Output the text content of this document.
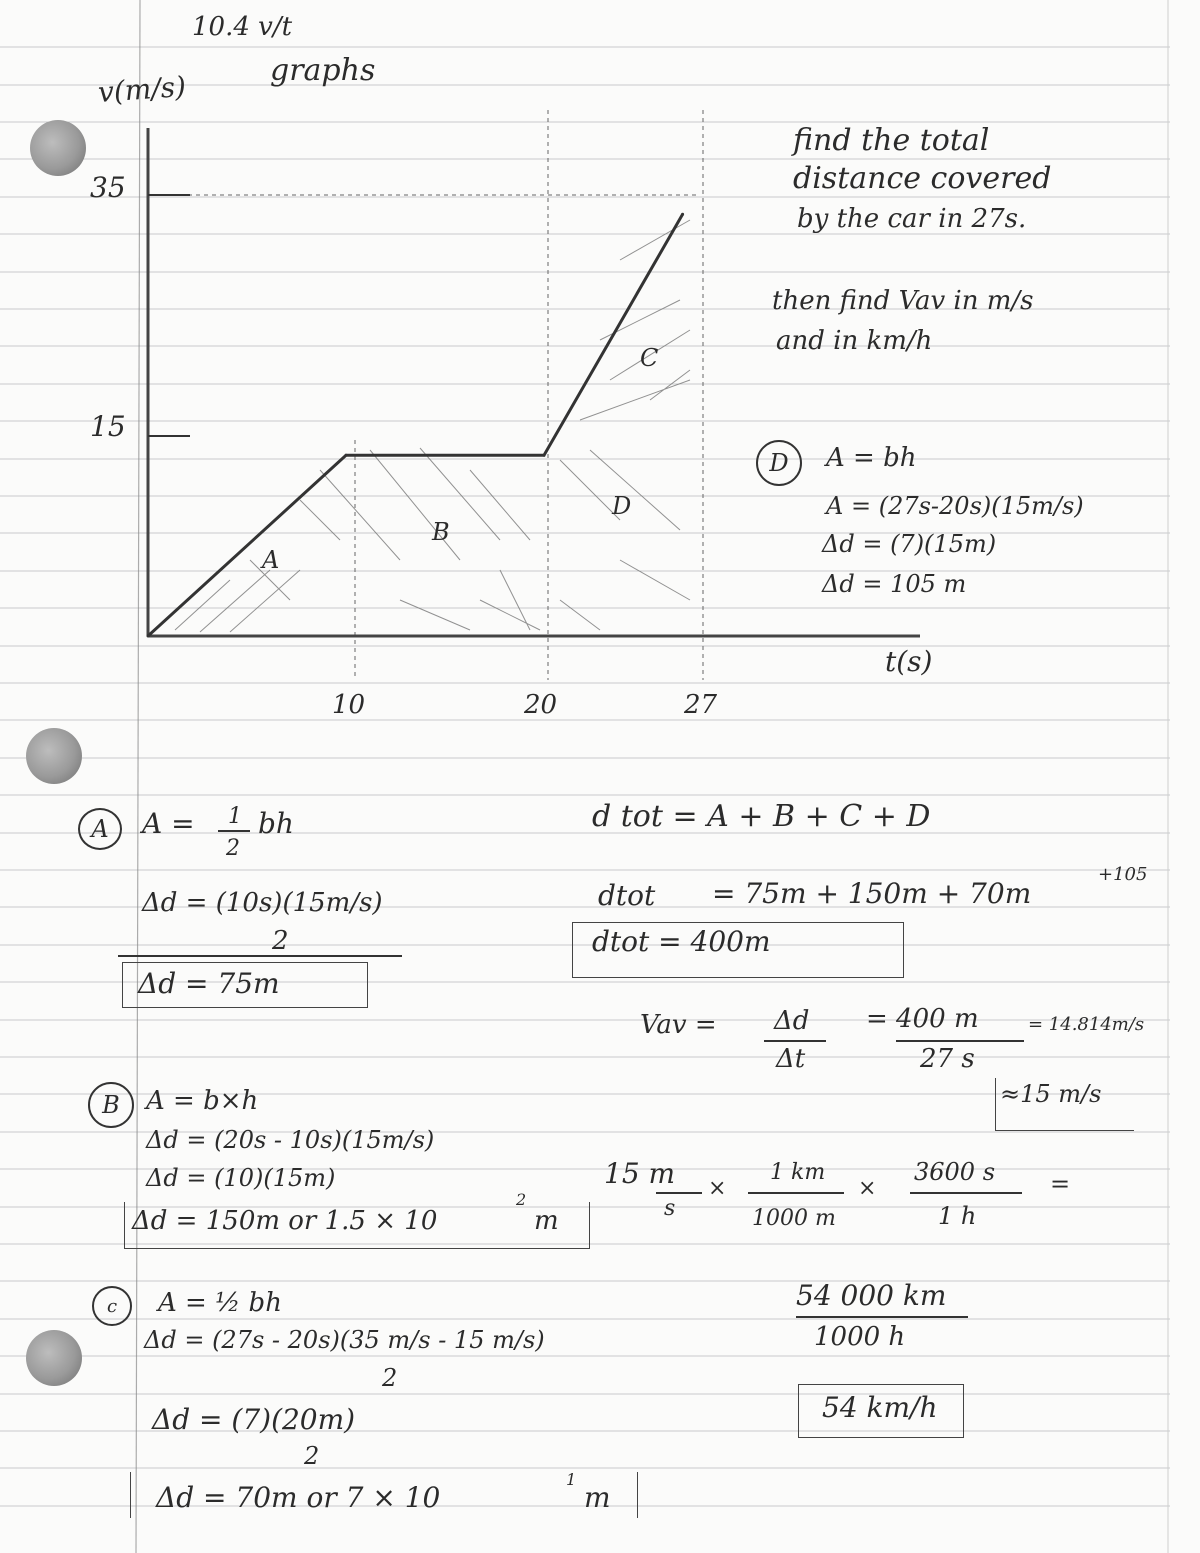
10.4 v/t
graphs
v(m/s)
35
15
10	20	27
t(s)
A
B
C
D
find the total
distance covered
by the car in 27s.
then find Vav in m/s
and in km/h
D	A = bh
A = (27s-20s)(15m/s)
Δd = (7)(15m)
Δd = 105 m
A	A = 1
2
bh
Δd = (10s)(15m/s)
2
Δd = 75m
d tot = A + B + C + D
dtot = 75m + 150m + 70m
+105
dtot = 400m
Vav = Δd
Δt
= 400 m
27 s
= 14.814m/s
≈15 m/s
B	A = b×h
Δd = (20s - 10s)(15m/s)
Δd = (10)(15m)
Δd = 150m or 1.5 × 10
2
m
15 m
s
×
1 km
1000 m
×
3600 s
1 h
=
54 000 km
1000 h
54 km/h
c	A = ½ bh
Δd = (27s - 20s)(35 m/s - 15 m/s)
2
Δd = (7)(20m)
2
Δd = 70m or 7 × 10
1
m
